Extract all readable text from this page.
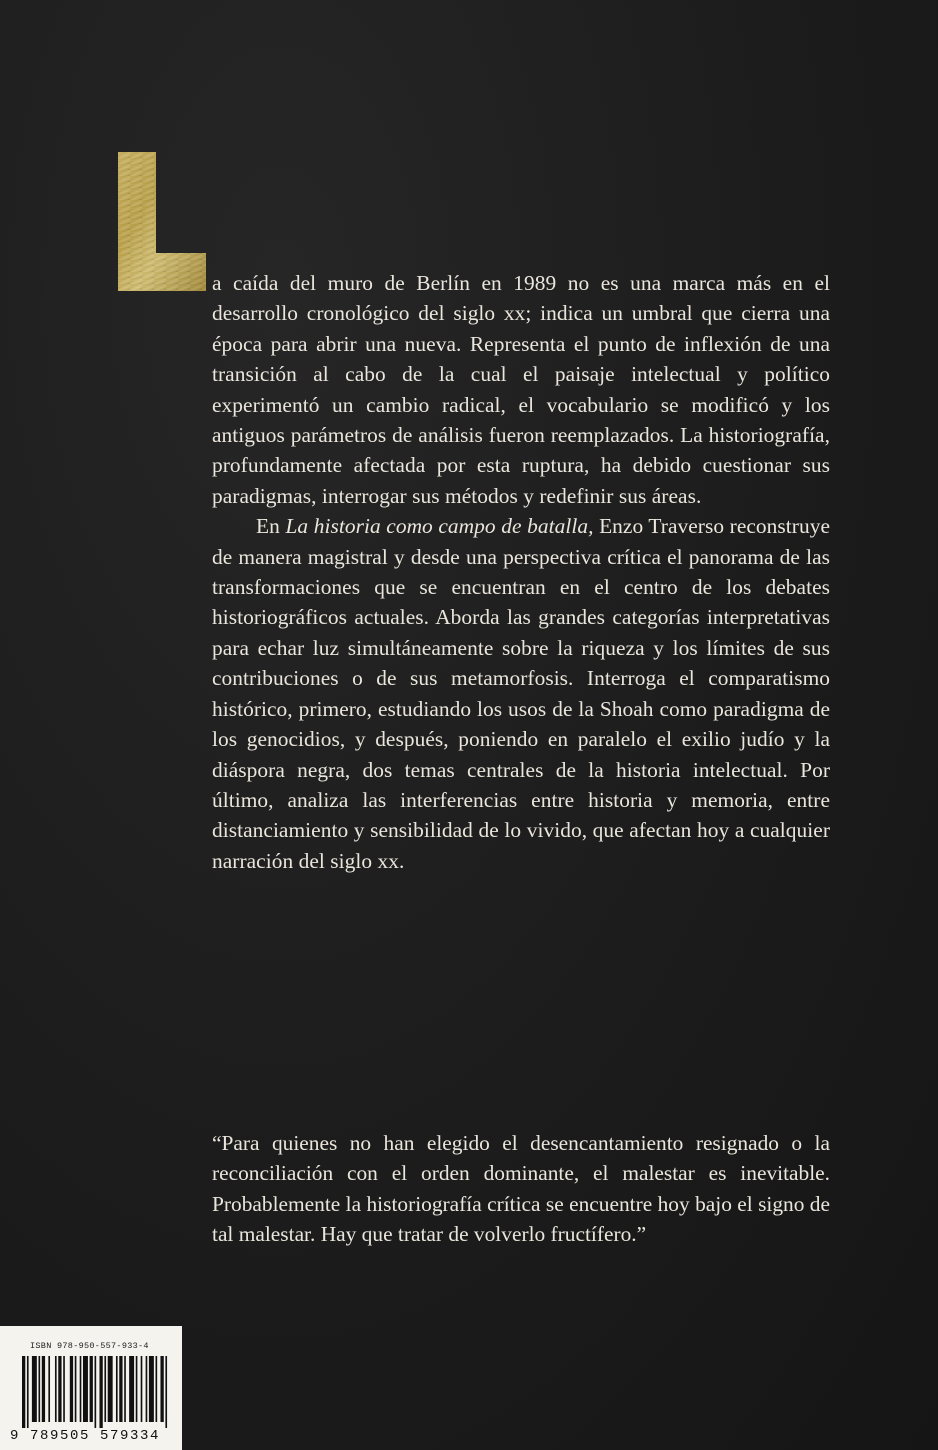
a caída del muro de Berlín en 1989 no es una marca más en el desarrollo cronológico del siglo xx; indica un umbral que cierra una época para abrir una nueva. Representa el punto de inflexión de una transición al cabo de la cual el paisaje intelectual y político experimentó un cambio radical, el vocabulario se modificó y los antiguos parámetros de análisis fueron reemplazados. La historiografía, profundamente afectada por esta ruptura, ha debido cuestionar sus paradigmas, interrogar sus métodos y redefinir sus áreas.

En La historia como campo de batalla, Enzo Traverso reconstruye de manera magistral y desde una perspectiva crítica el panorama de las transformaciones que se encuentran en el centro de los debates historiográficos actuales. Aborda las grandes categorías interpretativas para echar luz simultáneamente sobre la riqueza y los límites de sus contribuciones o de sus metamorfosis. Interroga el comparatismo histórico, primero, estudiando los usos de la Shoah como paradigma de los genocidios, y después, poniendo en paralelo el exilio judío y la diáspora negra, dos temas centrales de la historia intelectual. Por último, analiza las interferencias entre historia y memoria, entre distanciamiento y sensibilidad de lo vivido, que afectan hoy a cualquier narración del siglo xx.

“Para quienes no han elegido el desencantamiento resignado o la reconciliación con el orden dominante, el malestar es inevitable. Probablemente la historiografía crítica se encuentre hoy bajo el signo de tal malestar. Hay que tratar de volverlo fructífero.”

ISBN 978-950-557-933-4
9 789505 579334
